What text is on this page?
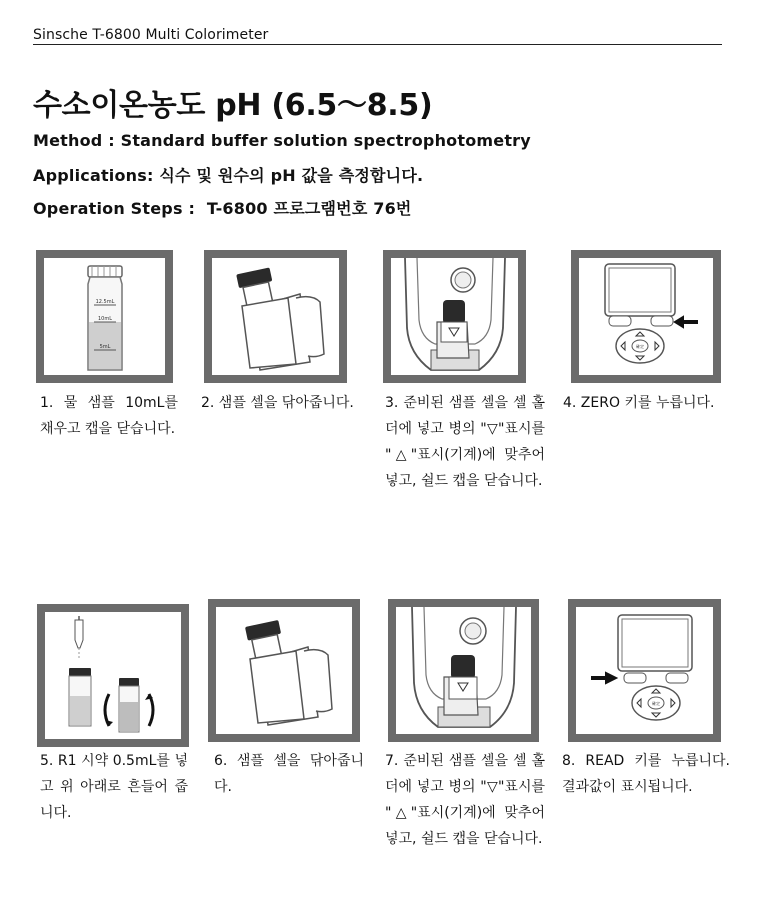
Sinsche T-6800 Multi Colorimeter
수소이온농도 pH (6.5～8.5)
Method : Standard buffer solution spectrophotometry
Applications: 식수 및 원수의 pH 값을 측정합니다.
Operation Steps : T-6800 프로그램번호 76번
12.5mL
10mL
5mL
1. 물 샘플 10mL를 채우고 캡을 닫습니다.
2. 샘플 셀을 닦아줍니다.	3. 준비된 샘플 셀을 셀 홀더에 넣고 병의 "▽"표시를 "△"표시(기계)에 맞추어 넣고, 쉴드 캡을 닫습니다.
確定
4. ZERO 키를 누릅니다.
5. R1 시약 0.5mL를 넣고 위 아래로 흔들어 줍니다.
6. 샘플 셀을 닦아줍니다.
7. 준비된 샘플 셀을 셀 홀더에 넣고 병의 "▽"표시를 "△"표시(기계)에 맞추어 넣고, 쉴드 캡을 닫습니다.
確定
8. READ 키를 누릅니다. 결과값이 표시됩니다.
